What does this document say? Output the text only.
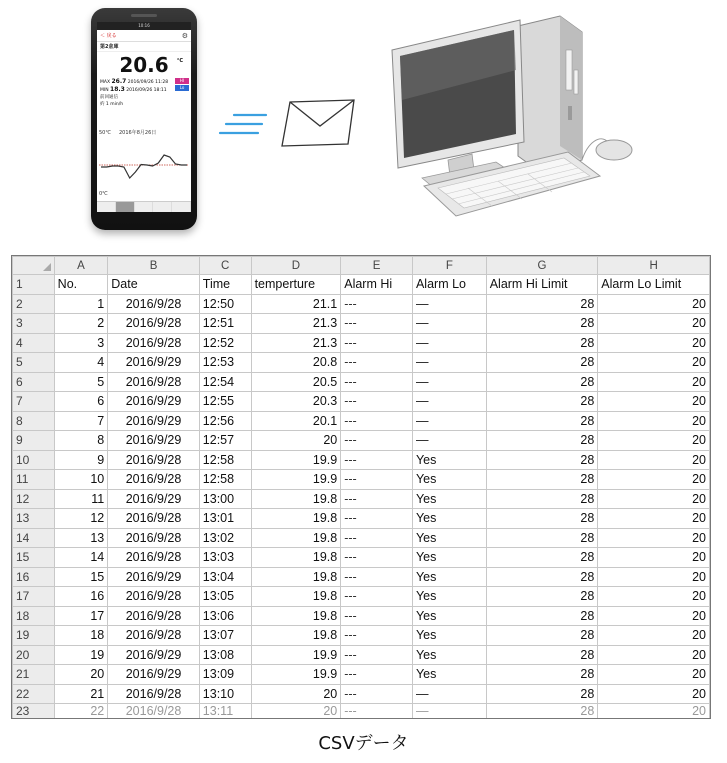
10:16
＜ 戻る	⚙
第2倉庫
20.6 °C
MAX 26.7 2016/09/26 11:28
MIN 18.3 2016/09/26 18:11
HI
Lo
前回通信
約 1 min/h
50℃ 2016年8月26日
0℃
	A	B	C	D	E	F	G	H
1	No.	Date	Time	temperture	Alarm Hi	Alarm Lo	Alarm Hi Limit	Alarm Lo Limit
2	1	2016/9/28	12:50	21.1	---	—	28	20
3	2	2016/9/28	12:51	21.3	---	—	28	20
4	3	2016/9/28	12:52	21.3	---	—	28	20
5	4	2016/9/29	12:53	20.8	---	—	28	20
6	5	2016/9/28	12:54	20.5	---	—	28	20
7	6	2016/9/29	12:55	20.3	---	—	28	20
8	7	2016/9/29	12:56	20.1	---	—	28	20
9	8	2016/9/29	12:57	20	---	—	28	20
10	9	2016/9/28	12:58	19.9	---	Yes	28	20
11	10	2016/9/28	12:58	19.9	---	Yes	28	20
12	11	2016/9/29	13:00	19.8	---	Yes	28	20
13	12	2016/9/28	13:01	19.8	---	Yes	28	20
14	13	2016/9/28	13:02	19.8	---	Yes	28	20
15	14	2016/9/28	13:03	19.8	---	Yes	28	20
16	15	2016/9/29	13:04	19.8	---	Yes	28	20
17	16	2016/9/28	13:05	19.8	---	Yes	28	20
18	17	2016/9/28	13:06	19.8	---	Yes	28	20
19	18	2016/9/28	13:07	19.8	---	Yes	28	20
20	19	2016/9/29	13:08	19.9	---	Yes	28	20
21	20	2016/9/29	13:09	19.9	---	Yes	28	20
22	21	2016/9/28	13:10	20	---	—	28	20
23	22	2016/9/28	13:11	20	---	—	28	20
CSVデータ
